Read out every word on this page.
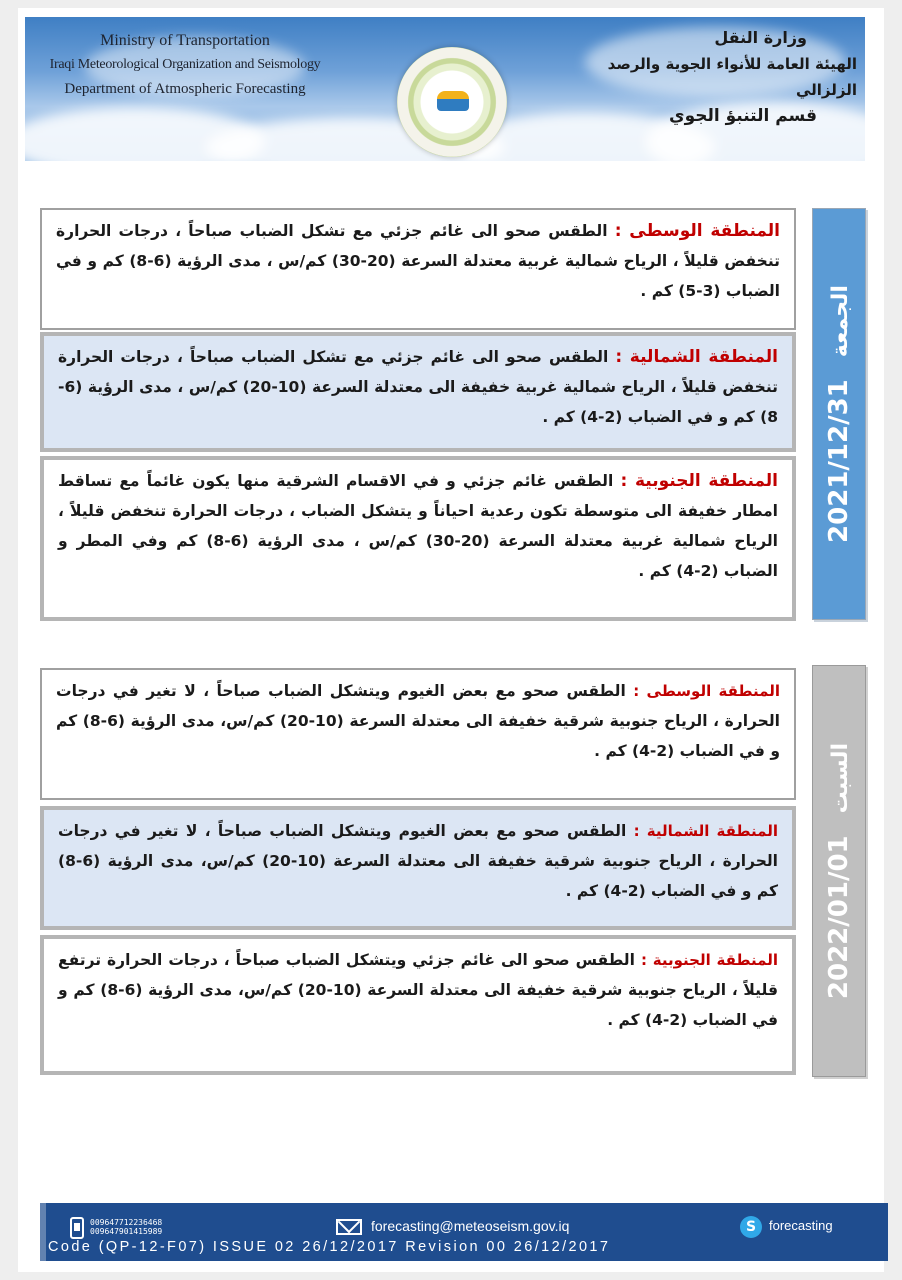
Ministry of Transportation
Iraqi Meteorological Organization and Seismology
Department of Atmospheric Forecasting
وزارة النقل
الهيئة العامة للأنواء الجوية والرصد الزلزالي
قسم التنبؤ الجوي
2021/12/31الجمعة
المنطقة الوسطى : الطقس صحو الى غائم جزئي مع تشكل الضباب صباحاً ، درجات الحرارة تنخفض قليلاً ، الرياح شمالية غربية معتدلة السرعة (20-30) كم/س ، مدى الرؤية (6-8) كم و في الضباب (3-5) كم .
المنطقة الشمالية : الطقس صحو الى غائم جزئي مع تشكل الضباب صباحاً ، درجات الحرارة تنخفض قليلاً ، الرياح شمالية غربية خفيفة الى معتدلة السرعة (10-20) كم/س ، مدى الرؤية (6-8) كم و في الضباب (2-4) كم .
المنطقة الجنوبية : الطقس غائم جزئي و في الاقسام الشرقية منها يكون غائماً مع تساقط امطار خفيفة الى متوسطة تكون رعدية احياناً و يتشكل الضباب ، درجات الحرارة تنخفض قليلاً ، الرياح شمالية غربية معتدلة السرعة (20-30) كم/س ، مدى الرؤية (6-8) كم وفي المطر و الضباب (2-4) كم .
2022/01/01السبت
المنطقة الوسطى : الطقس صحو مع بعض الغيوم ويتشكل الضباب صباحاً ، لا تغير في درجات الحرارة ، الرياح جنوبية شرقية خفيفة الى معتدلة السرعة (10-20) كم/س، مدى الرؤية (6-8) كم و في الضباب (2-4) كم .
المنطقة الشمالية : الطقس صحو مع بعض الغيوم ويتشكل الضباب صباحاً ، لا تغير في درجات الحرارة ، الرياح جنوبية شرقية خفيفة الى معتدلة السرعة (10-20) كم/س، مدى الرؤية (6-8) كم و في الضباب (2-4) كم .
المنطقة الجنوبية : الطقس صحو الى غائم جزئي ويتشكل الضباب صباحاً ، درجات الحرارة ترتفع قليلاً ، الرياح جنوبية شرقية خفيفة الى معتدلة السرعة (10-20) كم/س، مدى الرؤية (6-8) كم و في الضباب (2-4) كم .
009647712236468
009647901415989	forecasting@meteoseism.gov.iq	S forecasting
Code (QP-12-F07) ISSUE 02 26/12/2017 Revision 00 26/12/2017
